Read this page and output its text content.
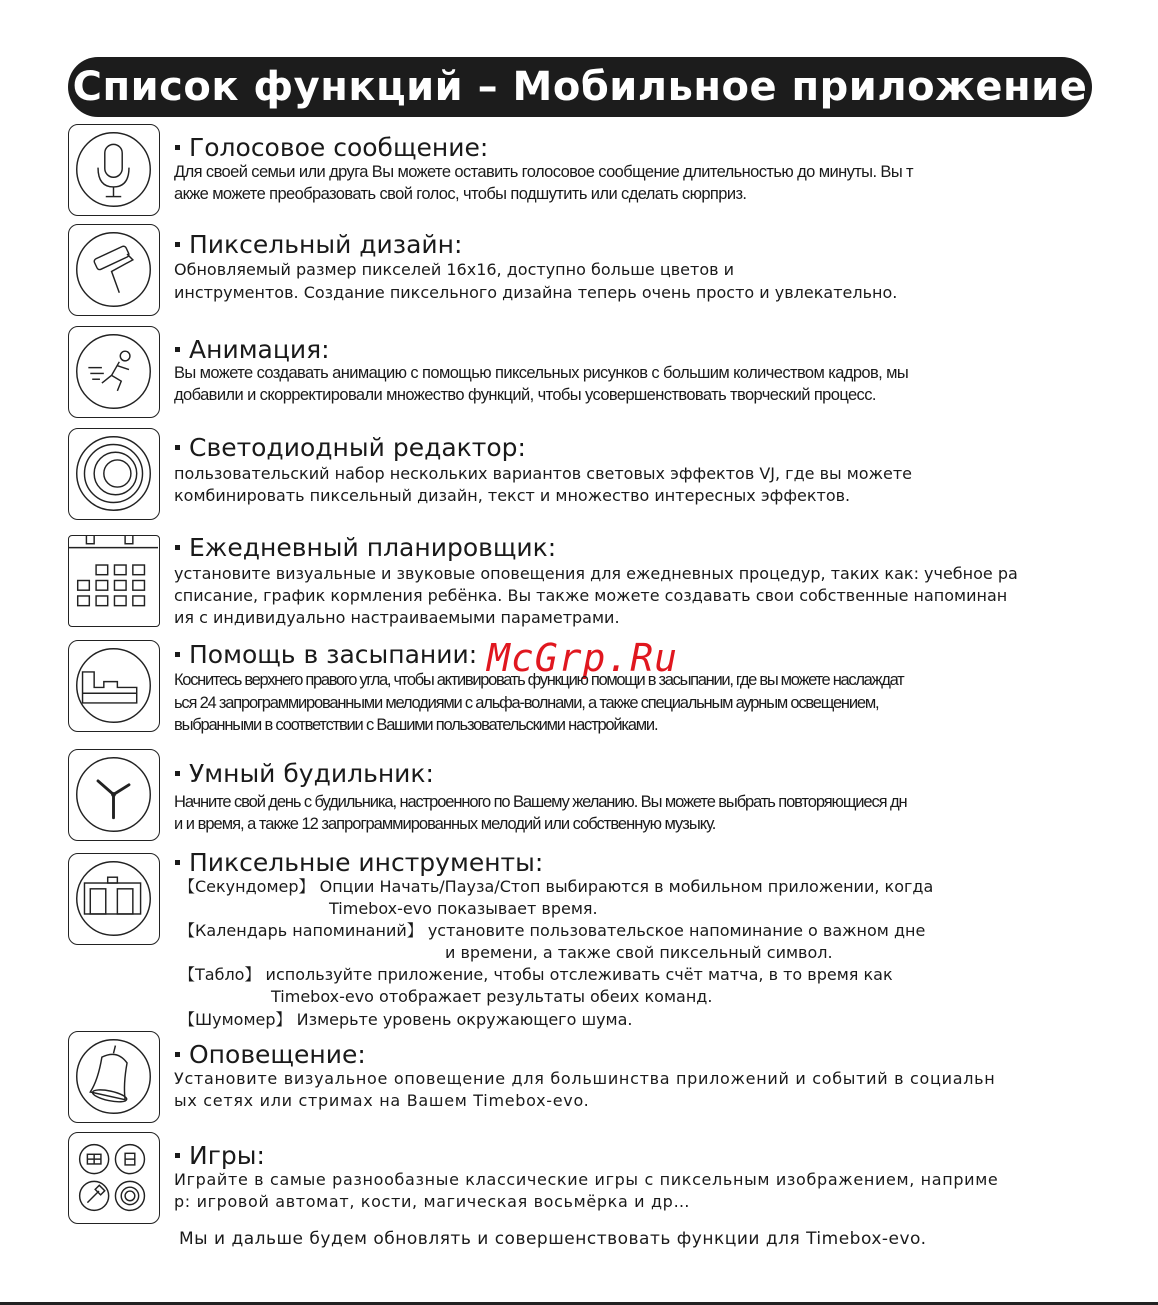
Список функций – Мобильное приложение
Голосовое сообщение:
Для своей семьи или друга Вы можете оставить голосовое сообщение длительностью до минуты. Вы т
акже можете преобразовать свой голос, чтобы подшутить или сделать сюрприз.
Пиксельный дизайн:
Обновляемый размер пикселей 16x16, доступно больше цветов и
инструментов. Создание пиксельного дизайна теперь очень просто и увлекательно.
Анимация:
Вы можете создавать анимацию с помощью пиксельных рисунков с большим количеством кадров, мы
добавили и скорректировали множество функций, чтобы усовершенствовать творческий процесс.
Светодиодный редактор:
пользовательский набор нескольких вариантов световых эффектов VJ, где вы можете
комбинировать пиксельный дизайн, текст и множество интересных эффектов.
Ежедневный планировщик:
установите визуальные и звуковые оповещения для ежедневных процедур, таких как: учебное ра
списание, график кормления ребёнка. Вы также можете создавать свои собственные напоминан
ия с индивидуально настраиваемыми параметрами.
Помощь в засыпании: McGrp.Ru
Коснитесь верхнего правого угла, чтобы активировать функцию помощи в засыпании, где вы можете наслаждат
ься 24 запрограммированными мелодиями с альфа-волнами, а также специальным аурным освещением,
выбранными в соответствии с Вашими пользовательскими настройками.
Умный будильник:
Начните свой день с будильника, настроенного по Вашему желанию. Вы можете выбрать повторяющиеся дн
и и время, а также 12 запрограммированных мелодий или собственную музыку.
Пиксельные инструменты:
【Секундомер】 Опции Начать/Пауза/Стоп выбираются в мобильном приложении, когда
Timebox-evo показывает время.
【Календарь напоминаний】 установите пользовательское напоминание о важном дне
и времени, а также свой пиксельный символ.
【Табло】 используйте приложение, чтобы отслеживать счёт матча, в то время как
Timebox-evo отображает результаты обеих команд.
【Шумомер】 Измерьте уровень окружающего шума.
Оповещение:
Установите визуальное оповещение для большинства приложений и событий в социальн
ых сетях или стримах на Вашем Timebox-evo.
Игры:
Играйте в самые разнообазные классические игры с пиксельным изображением, наприме
р: игровой автомат, кости, магическая восьмёрка и др…
Мы и дальше будем обновлять и совершенствовать функции для Timebox-evo.
